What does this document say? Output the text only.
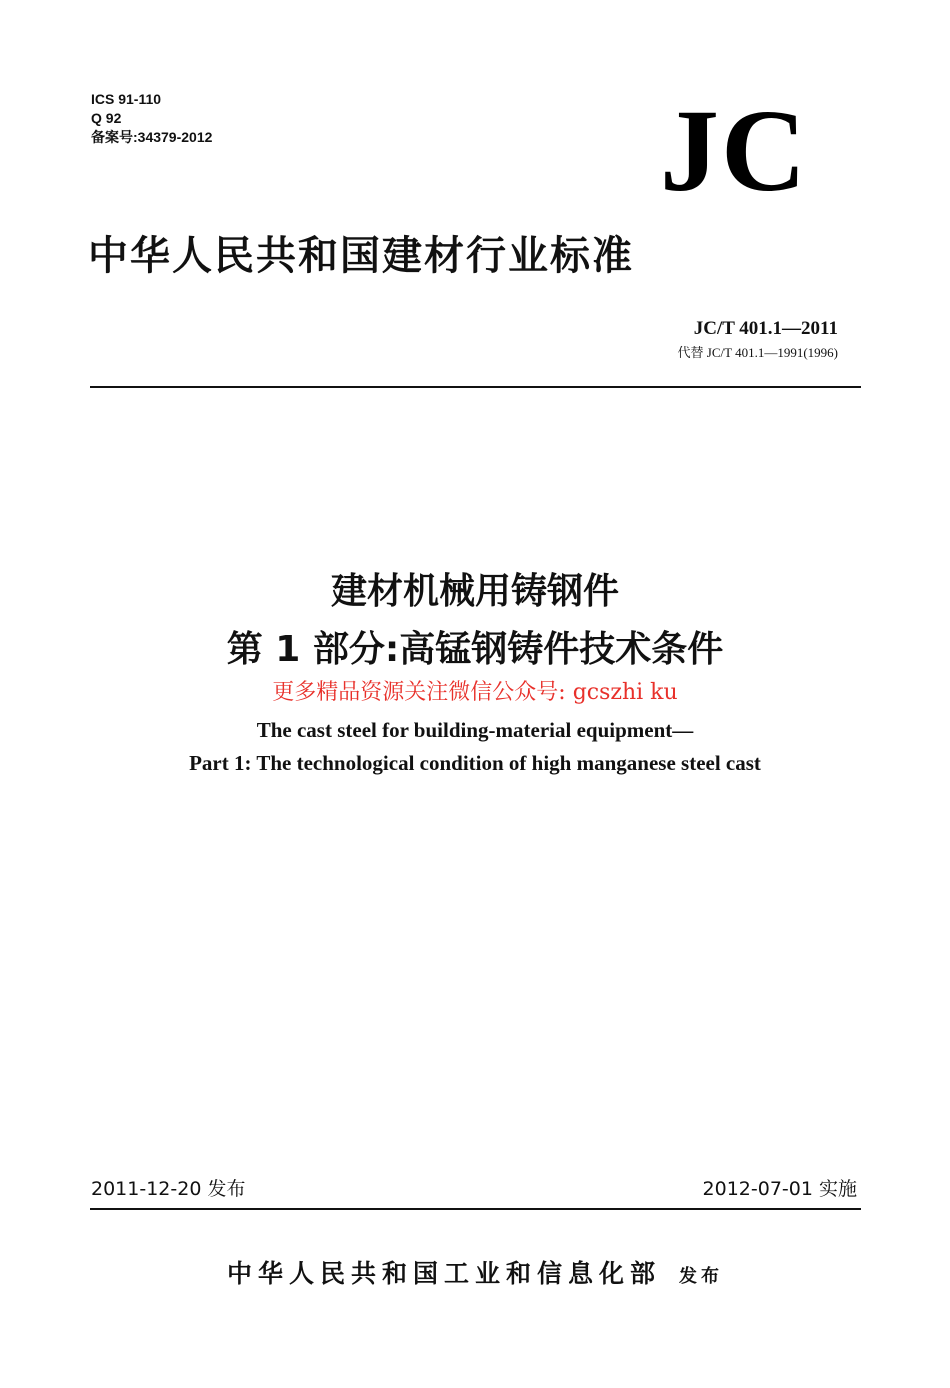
ICS 91-110
Q 92
备案号:34379-2012	JC
中华人民共和国建材行业标准
JC/T 401.1—2011
代替 JC/T 401.1—1991(1996)
建材机械用铸钢件
第 1 部分:高锰钢铸件技术条件
更多精品资源关注微信公众号: gcszhi ku
The cast steel for building-material equipment—
Part 1: The technological condition of high manganese steel cast
2011-12-20 发布	2012-07-01 实施
中华人民共和国工业和信息化部 发布
